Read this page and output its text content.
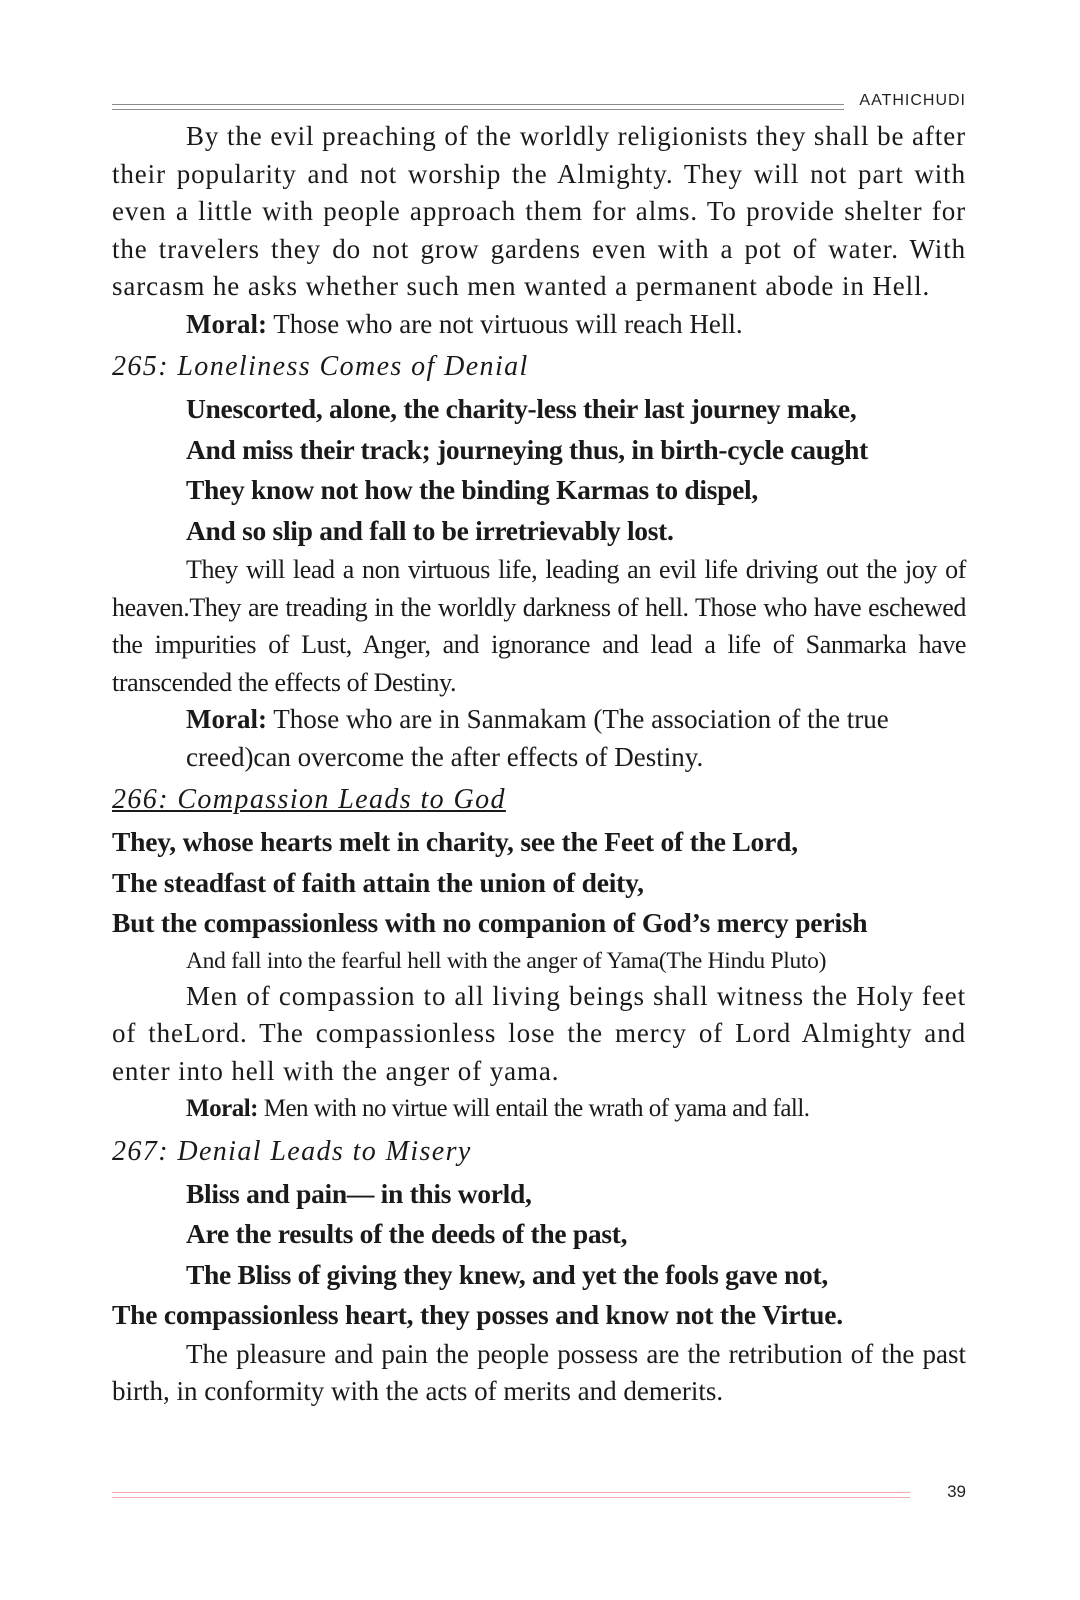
AATHICHUDI

By the evil preaching of the worldly religionists they shall be after their popularity and not worship the Almighty. They will not part with even a little with people approach them for alms. To provide shelter for the travelers they do not grow gardens even with a pot of water. With sarcasm he asks whether such men wanted a permanent abode in Hell.

Moral: Those who are not virtuous will reach Hell.

265: Loneliness Comes of Denial

Unescorted, alone, the charity-less their last journey make,

And miss their track; journeying thus, in birth-cycle caught

They know not how the binding Karmas to dispel,

And so slip and fall to be irretrievably lost.

They will lead a non virtuous life, leading an evil life driving out the joy of heaven.They are treading in the worldly darkness of hell. Those who have eschewed the impurities of Lust, Anger, and ignorance and lead a life of Sanmarka have transcended the effects of Destiny.

Moral: Those who are in Sanmakam (The association of the true creed)can overcome the after effects of Destiny.

266: Compassion Leads to God

They, whose hearts melt in charity, see the Feet of the Lord,

The steadfast of faith attain the union of deity,

But the compassionless with no companion of God’s mercy perish

And fall into the fearful hell with the anger of Yama(The Hindu Pluto)

Men of compassion to all living beings shall witness the Holy feet of theLord. The compassionless lose the mercy of Lord Almighty and enter into hell with the anger of yama.

Moral: Men with no virtue will entail the wrath of yama and fall.

267: Denial Leads to Misery

Bliss and pain— in this world,

Are the results of the deeds of the past,

The Bliss of giving they knew, and yet the fools gave not,

The compassionless heart, they posses and know not the Virtue.

The pleasure and pain the people possess are the retribution of the past birth, in conformity with the acts of merits and demerits.

39
